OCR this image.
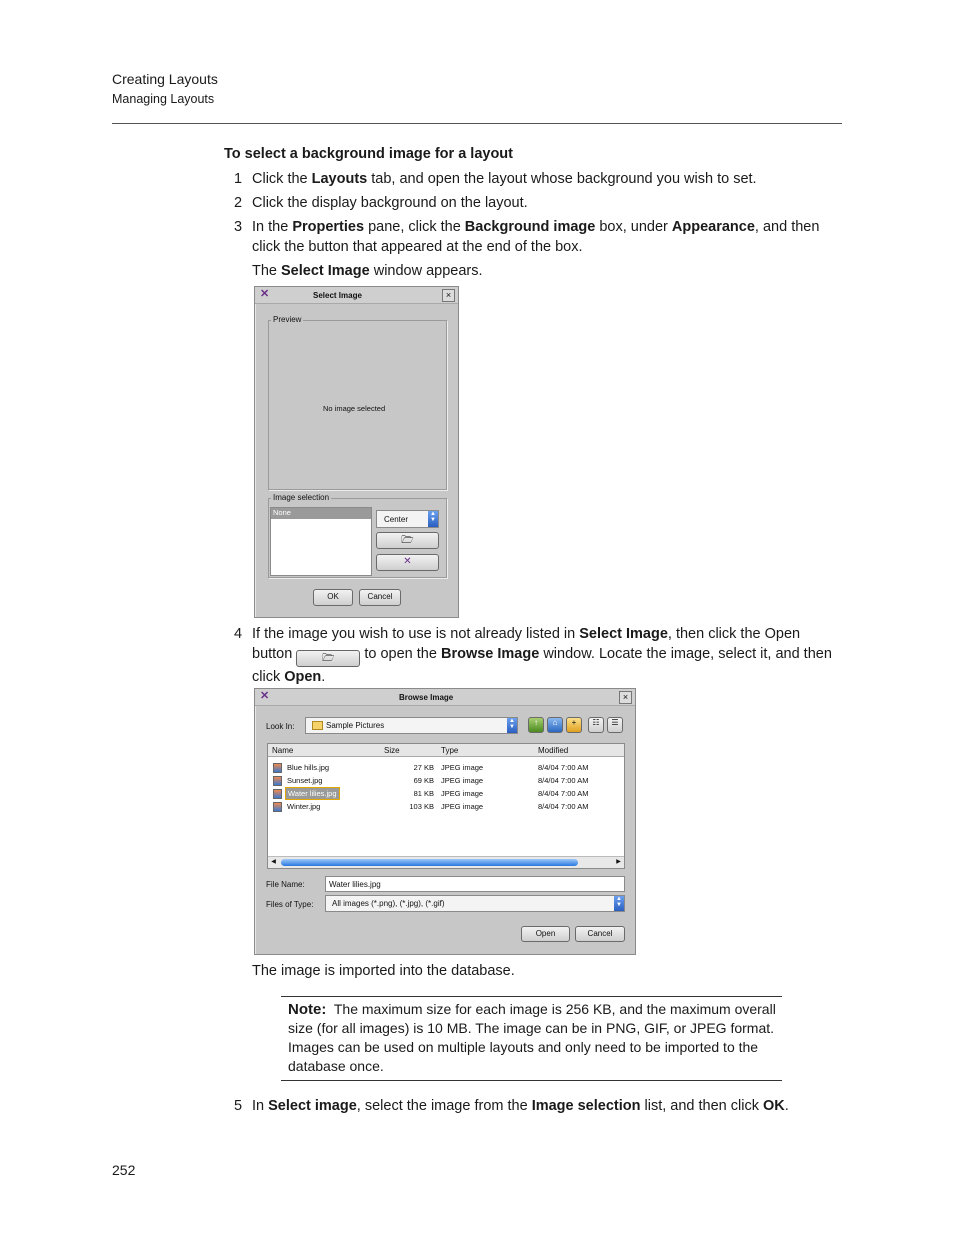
Creating Layouts
Managing Layouts
To select a background image for a layout
1 Click the Layouts tab, and open the layout whose background you wish to set.
2 Click the display background on the layout.
3 In the Properties pane, click the Background image box, under Appearance, and then click the button that appeared at the end of the box.
The Select Image window appears.
✕	Select Image	×
Preview
No image selected
Image selection
None
Center
▲
▼
🗁
✕
OK	Cancel
4 If the image you wish to use is not already listed in Select Image, then click the Open button	🗁 to open the Browse Image window. Locate the image, select it, and then click Open.
✕	Browse Image	×
Look In:	Sample Pictures	▲
▼	↑	⌂	+	☷	☰
Name	Size	Type	Modified
Blue hills.jpg	27 KB JPEG image	8/4/04 7:00 AM
Sunset.jpg	69 KB JPEG image	8/4/04 7:00 AM
Water lilies.jpg	81 KB JPEG image	8/4/04 7:00 AM
Winter.jpg	103 KB JPEG image	8/4/04 7:00 AM
◀	▶
File Name:	Water lilies.jpg
Files of Type: All images (*.png), (*.jpg), (*.gif)	▲
▼
Open	Cancel
The image is imported into the database.
Note: The maximum size for each image is 256 KB, and the maximum overall size (for all images) is 10 MB. The image can be in PNG, GIF, or JPEG format. Images can be used on multiple layouts and only need to be imported to the database once.
5 In Select image, select the image from the Image selection list, and then click OK.
252
